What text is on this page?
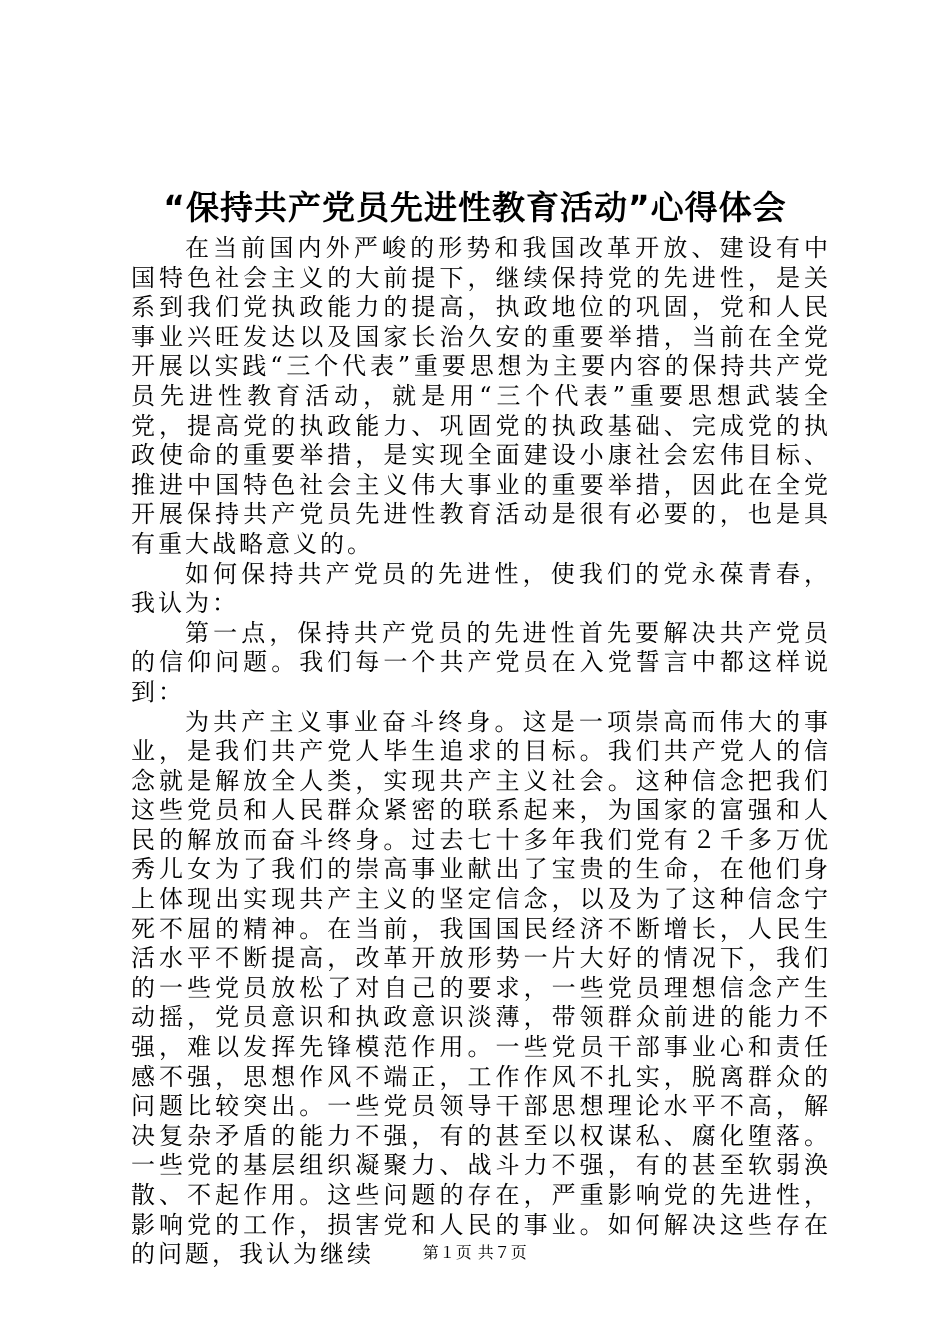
“保持共产党员先进性教育活动”心得体会

在当前国内外严峻的形势和我国改革开放、建设有中国特色社会主义的大前提下，继续保持党的先进性，是关系到我们党执政能力的提高，执政地位的巩固，党和人民事业兴旺发达以及国家长治久安的重要举措，当前在全党开展以实践“三个代表”重要思想为主要内容的保持共产党员先进性教育活动，就是用“三个代表”重要思想武装全党，提高党的执政能力、巩固党的执政基础、完成党的执政使命的重要举措，是实现全面建设小康社会宏伟目标、推进中国特色社会主义伟大事业的重要举措，因此在全党开展保持共产党员先进性教育活动是很有必要的，也是具有重大战略意义的。

如何保持共产党员的先进性，使我们的党永葆青春，我认为：

第一点，保持共产党员的先进性首先要解决共产党员的信仰问题。我们每一个共产党员在入党誓言中都这样说到：

为共产主义事业奋斗终身。这是一项崇高而伟大的事业，是我们共产党人毕生追求的目标。我们共产党人的信念就是解放全人类，实现共产主义社会。这种信念把我们这些党员和人民群众紧密的联系起来，为国家的富强和人民的解放而奋斗终身。过去七十多年我们党有２千多万优秀儿女为了我们的崇高事业献出了宝贵的生命，在他们身上体现出实现共产主义的坚定信念，以及为了这种信念宁死不屈的精神。在当前，我国国民经济不断增长，人民生活水平不断提高，改革开放形势一片大好的情况下，我们的一些党员放松了对自己的要求，一些党员理想信念产生动摇，党员意识和执政意识淡薄，带领群众前进的能力不强，难以发挥先锋模范作用。一些党员干部事业心和责任感不强，思想作风不端正，工作作风不扎实，脱离群众的问题比较突出。一些党员领导干部思想理论水平不高，解决复杂矛盾的能力不强，有的甚至以权谋私、腐化堕落。一些党的基层组织凝聚力、战斗力不强，有的甚至软弱涣散、不起作用。这些问题的存在，严重影响党的先进性，影响党的工作，损害党和人民的事业。如何解决这些存在的问题，我认为继续	第１页 共７页
